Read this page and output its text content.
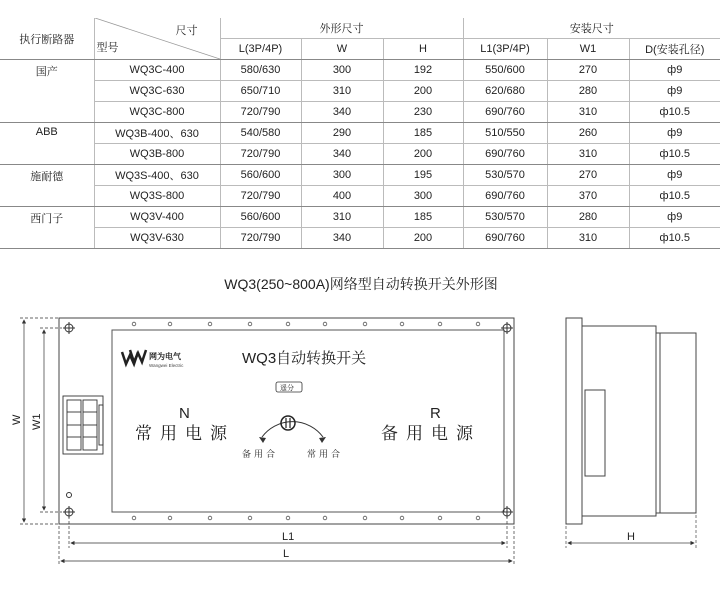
执行断路器	尺寸
型号	外形尺寸			安装尺寸		
		L(3P/4P)	W	H	L1(3P/4P)	W1	D(安装孔径)
国产	WQ3C-400	580/630	300	192	550/600	270	ф9
	WQ3C-630	650/710	310	200	620/680	280	ф9
	WQ3C-800	720/790	340	230	690/760	310	ф10.5
ABB	WQ3B-400、630	540/580	290	185	510/550	260	ф9
	WQ3B-800	720/790	340	200	690/760	310	ф10.5
施耐德	WQ3S-400、630	560/600	300	195	530/570	270	ф9
	WQ3S-800	720/790	400	300	690/760	370	ф10.5
西门子	WQ3V-400	560/600	310	185	530/570	280	ф9
	WQ3V-630	720/790	340	200	690/760	310	ф10.5
WQ3(250~800A)网络型自动转换开关外形图
网为电气
Wangwei Electric	WQ3自动转换开关
N
常用电源
R
备用电源
遥分
备用合	常用合
W W1
L1
L
H
